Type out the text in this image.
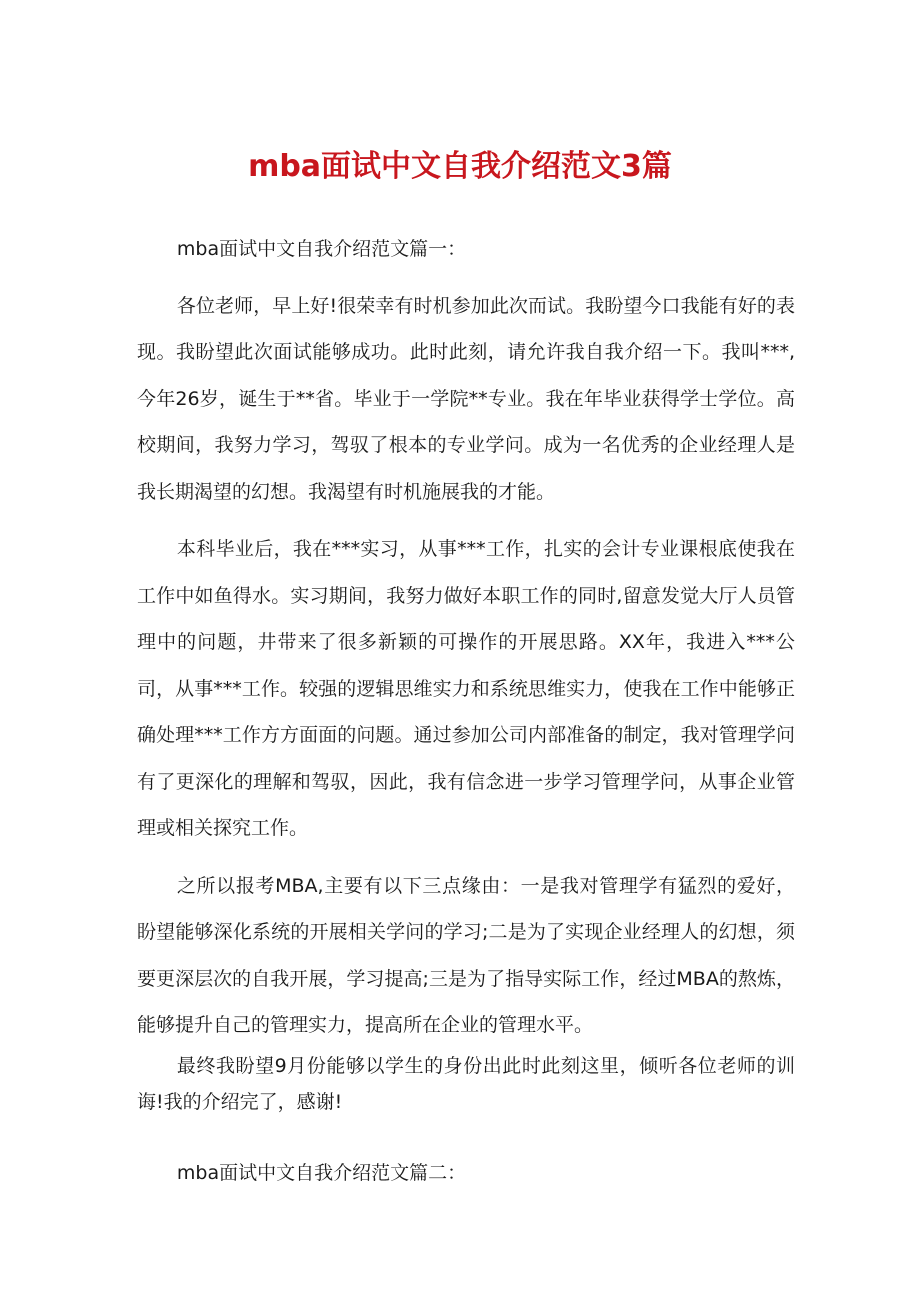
mba面试中文自我介绍范文3篇

mba面试中文自我介绍范文篇一：

各位老师，早上好!很荣幸有时机参加此次而试。我盼望今口我能有好的表现。我盼望此次面试能够成功。此时此刻，请允许我自我介绍一下。我叫***,今年26岁，诞生于**省。毕业于一学院**专业。我在年毕业获得学士学位。高校期间，我努力学习，驾驭了根本的专业学问。成为一名优秀的企业经理人是我长期渴望的幻想。我渴望有时机施展我的才能。

本科毕业后，我在***实习，从事***工作，扎实的会计专业课根底使我在工作中如鱼得水。实习期间，我努力做好本职工作的同时,留意发觉大厅人员管理中的问题，井带来了很多新颖的可操作的开展思路。XX年，我进入***公司，从事***工作。较强的逻辑思维实力和系统思维实力，使我在工作中能够正确处理***工作方方面面的问题。通过参加公司内部准备的制定，我对管理学问有了更深化的理解和驾驭，因此，我有信念进一步学习管理学问，从事企业管理或相关探究工作。

之所以报考MBA,主要有以下三点缘由：一是我对管理学有猛烈的爱好，盼望能够深化系统的开展相关学问的学习;二是为了实现企业经理人的幻想，须要更深层次的自我开展，学习提高;三是为了指导实际工作，经过MBA的熬炼，能够提升自己的管理实力，提高所在企业的管理水平。

最终我盼望9月份能够以学生的身份出此时此刻这里，倾听各位老师的训诲!我的介绍完了，感谢!

mba面试中文自我介绍范文篇二：
